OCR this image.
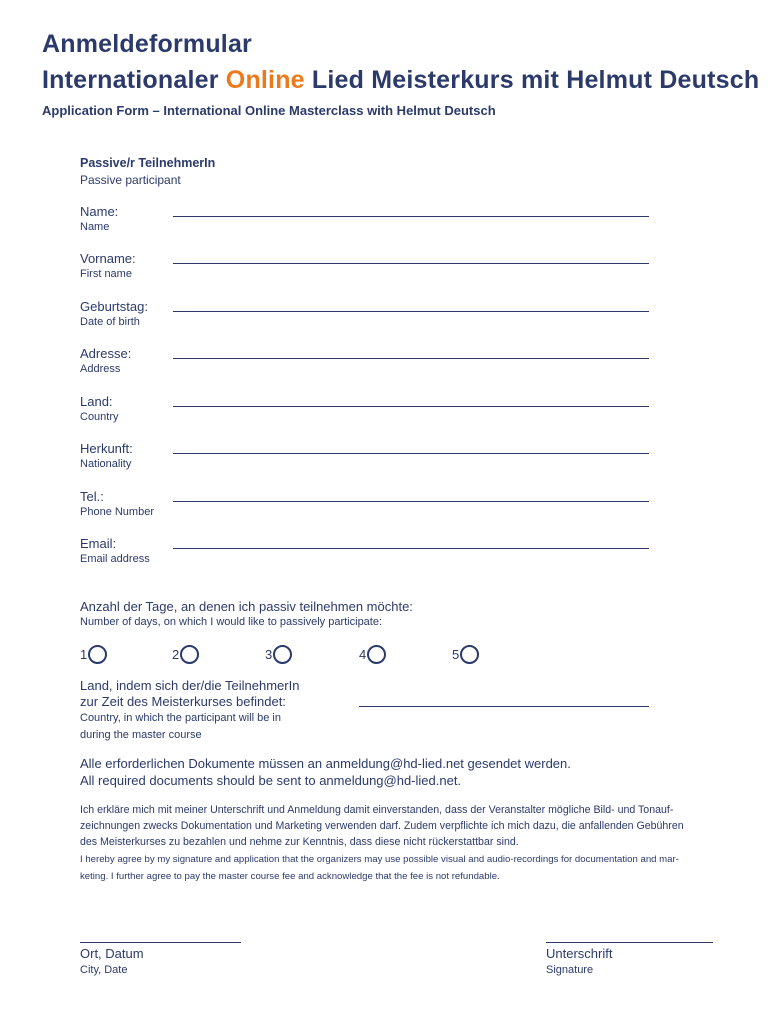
Anmeldeformular
Internationaler Online Lied Meisterkurs mit Helmut Deutsch
Application Form – International Online Masterclass with Helmut Deutsch
Passive/r TeilnehmerIn
Passive participant
Name:
Name
Vorname:
First name
Geburtstag:
Date of birth
Adresse:
Address
Land:
Country
Herkunft:
Nationality
Tel.:
Phone Number
Email:
Email address
Anzahl der Tage, an denen ich passiv teilnehmen möchte:
Number of days, on which I would like to passively participate:
1	2	3	4	5
Land, indem sich der/die TeilnehmerIn
zur Zeit des Meisterkurses befindet:
Country, in which the participant will be in
during the master course
Alle erforderlichen Dokumente müssen an anmeldung@hd-lied.net gesendet werden.
All required documents should be sent to anmeldung@hd-lied.net.
Ich erkläre mich mit meiner Unterschrift und Anmeldung damit einverstanden, dass der Veranstalter mögliche Bild- und Tonauf-
zeichnungen zwecks Dokumentation und Marketing verwenden darf. Zudem verpflichte ich mich dazu, die anfallenden Gebühren
des Meisterkurses zu bezahlen und nehme zur Kenntnis, dass diese nicht rückerstattbar sind.
I hereby agree by my signature and application that the organizers may use possible visual and audio-recordings for documentation and mar-
keting. I further agree to pay the master course fee and acknowledge that the fee is not refundable.
Ort, Datum
City, Date
Unterschrift
Signature
